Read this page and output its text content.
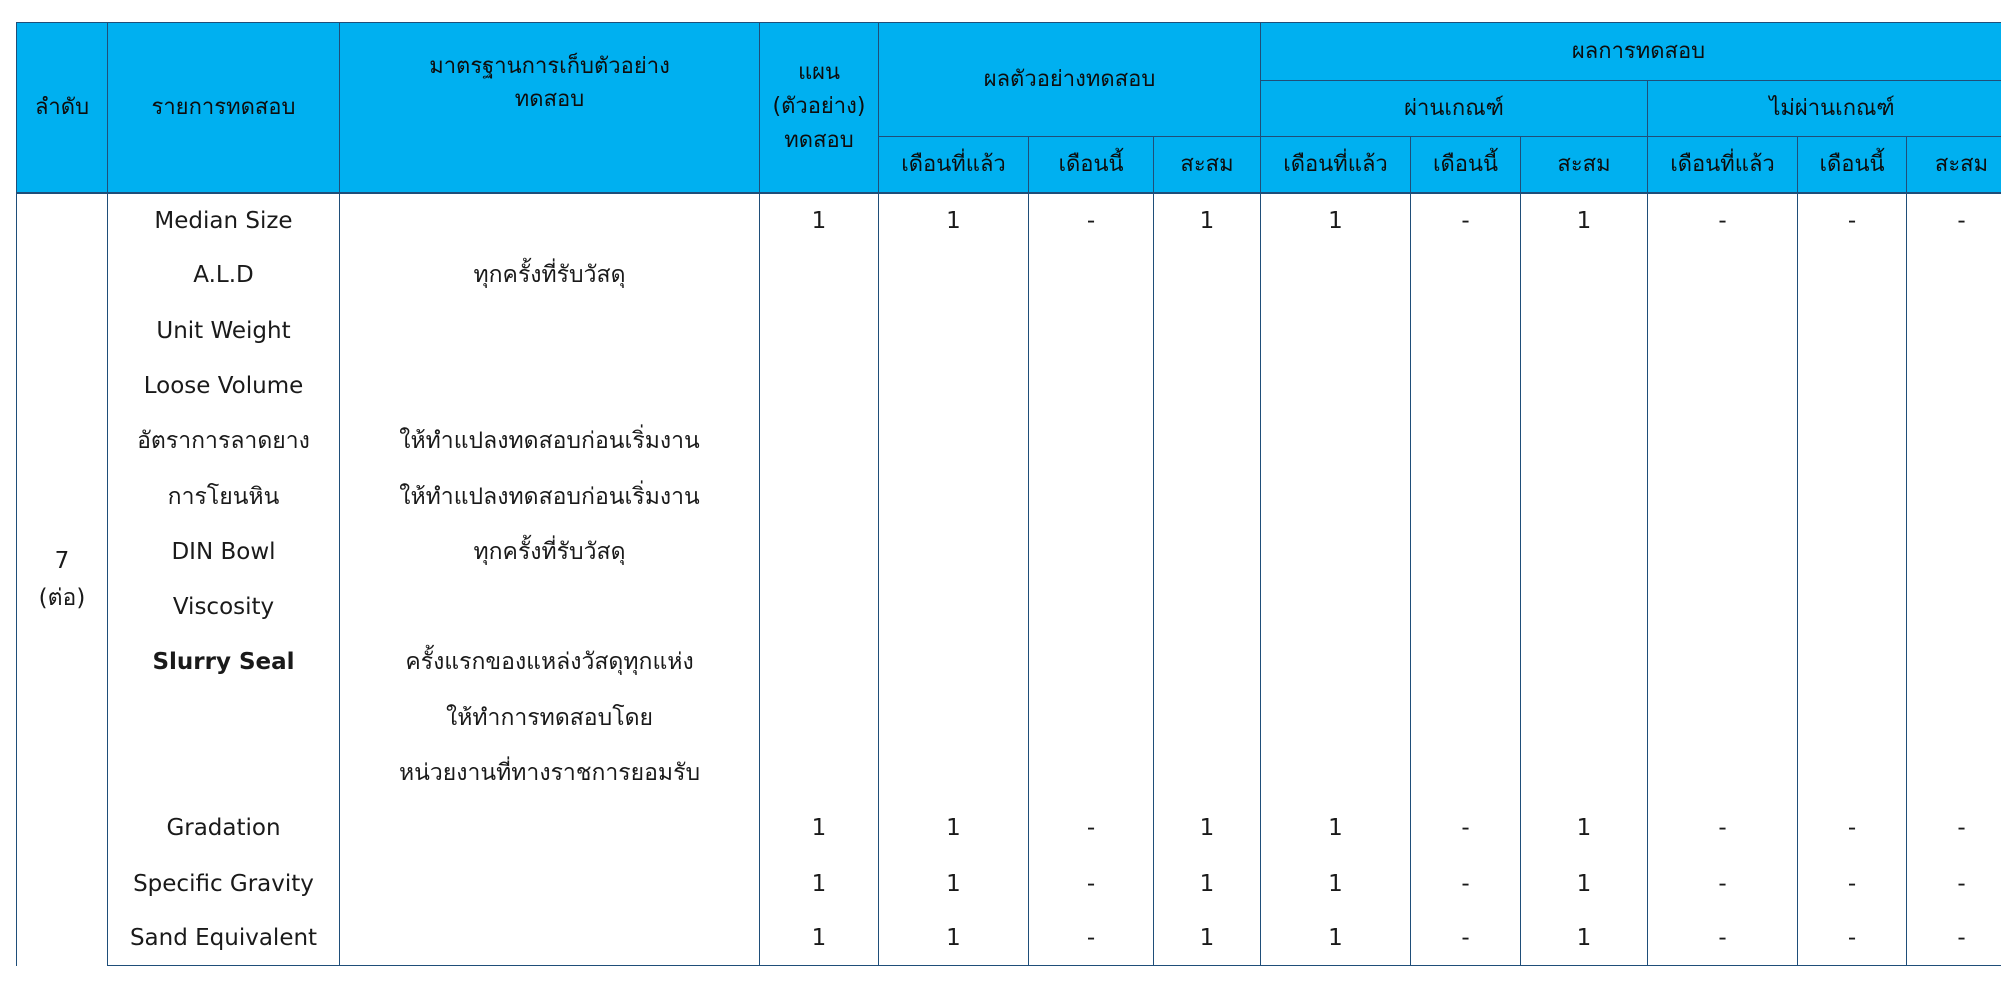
ลำดับ	รายการทดสอบ	มาตรฐานการเก็บตัวอย่าง ทดสอบ	แผน (ตัวอย่าง) ทดสอบ	ผลตัวอย่างทดสอบ			ผลการทดสอบ					
							ผ่านเกณฑ์			ไม่ผ่านเกณฑ์		
				เดือนที่แล้ว	เดือนนี้	สะสม	เดือนที่แล้ว	เดือนนี้	สะสม	เดือนที่แล้ว	เดือนนี้	สะสม

7
(ต่อ)	Median Size		1	1	-	1	1	-	1	-	-	-
	A.L.D	ทุกครั้งที่รับวัสดุ										
	Unit Weight											
	Loose Volume											
	อัตราการลาดยาง	ให้ทำแปลงทดสอบก่อนเริ่มงาน										
	การโยนหิน	ให้ทำแปลงทดสอบก่อนเริ่มงาน										
	DIN Bowl	ทุกครั้งที่รับวัสดุ										
	Viscosity											
	Slurry Seal	ครั้งแรกของแหล่งวัสดุทุกแห่ง										
		ให้ทำการทดสอบโดย										
		หน่วยงานที่ทางราชการยอมรับ										
	Gradation		1	1	-	1	1	-	1	-	-	-
	Specific Gravity		1	1	-	1	1	-	1	-	-	-
	Sand Equivalent		1	1	-	1	1	-	1	-	-	-
